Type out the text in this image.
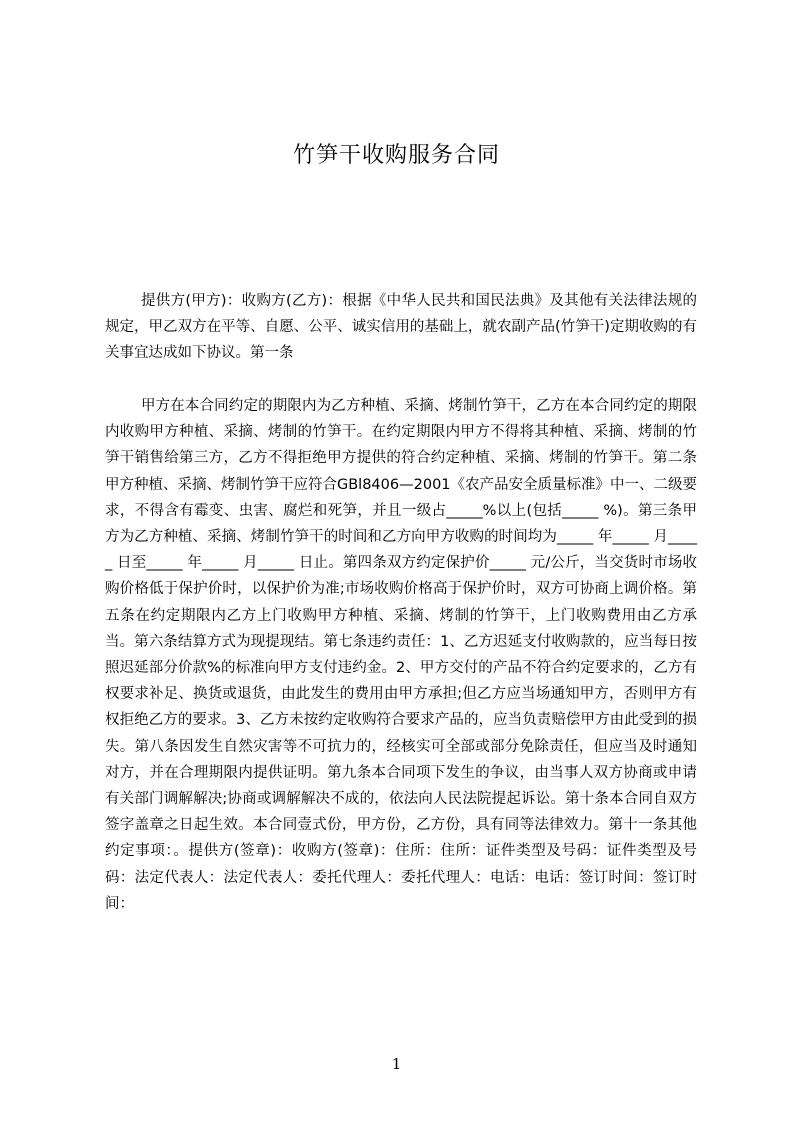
竹笋干收购服务合同

提供方(甲方)：收购方(乙方)：根据《中华人民共和国民法典》及其他有关法律法规的规定，甲乙双方在平等、自愿、公平、诚实信用的基础上，就农副产品(竹笋干)定期收购的有关事宜达成如下协议。第一条

甲方在本合同约定的期限内为乙方种植、采摘、烤制竹笋干，乙方在本合同约定的期限内收购甲方种植、采摘、烤制的竹笋干。在约定期限内甲方不得将其种植、采摘、烤制的竹笋干销售给第三方，乙方不得拒绝甲方提供的符合约定种植、采摘、烤制的竹笋干。第二条甲方种植、采摘、烤制竹笋干应符合GBl8406—2001《农产品安全质量标准》中一、二级要求，不得含有霉变、虫害、腐烂和死笋，并且一级占_____%以上(包括_____ %)。第三条甲方为乙方种植、采摘、烤制竹笋干的时间和乙方向甲方收购的时间均为_____ 年_____ 月_____ 日至_____ 年_____ 月_____ 日止。第四条双方约定保护价_____ 元/公斤，当交货时市场收购价格低于保护价时，以保护价为准;市场收购价格高于保护价时，双方可协商上调价格。第五条在约定期限内乙方上门收购甲方种植、采摘、烤制的竹笋干，上门收购费用由乙方承当。第六条结算方式为现提现结。第七条违约责任：1、乙方迟延支付收购款的，应当每日按照迟延部分价款%的标准向甲方支付违约金。2、甲方交付的产品不符合约定要求的，乙方有权要求补足、换货或退货，由此发生的费用由甲方承担;但乙方应当场通知甲方，否则甲方有权拒绝乙方的要求。3、乙方未按约定收购符合要求产品的，应当负责赔偿甲方由此受到的损失。第八条因发生自然灾害等不可抗力的，经核实可全部或部分免除责任，但应当及时通知对方，并在合理期限内提供证明。第九条本合同项下发生的争议，由当事人双方协商或申请有关部门调解解决;协商或调解解决不成的，依法向人民法院提起诉讼。第十条本合同自双方签字盖章之日起生效。本合同壹式份，甲方份，乙方份，具有同等法律效力。第十一条其他约定事项：。提供方(签章)：收购方(签章)：住所：住所：证件类型及号码：证件类型及号码：法定代表人：法定代表人：委托代理人：委托代理人：电话：电话：签订时间：签订时间：

1
